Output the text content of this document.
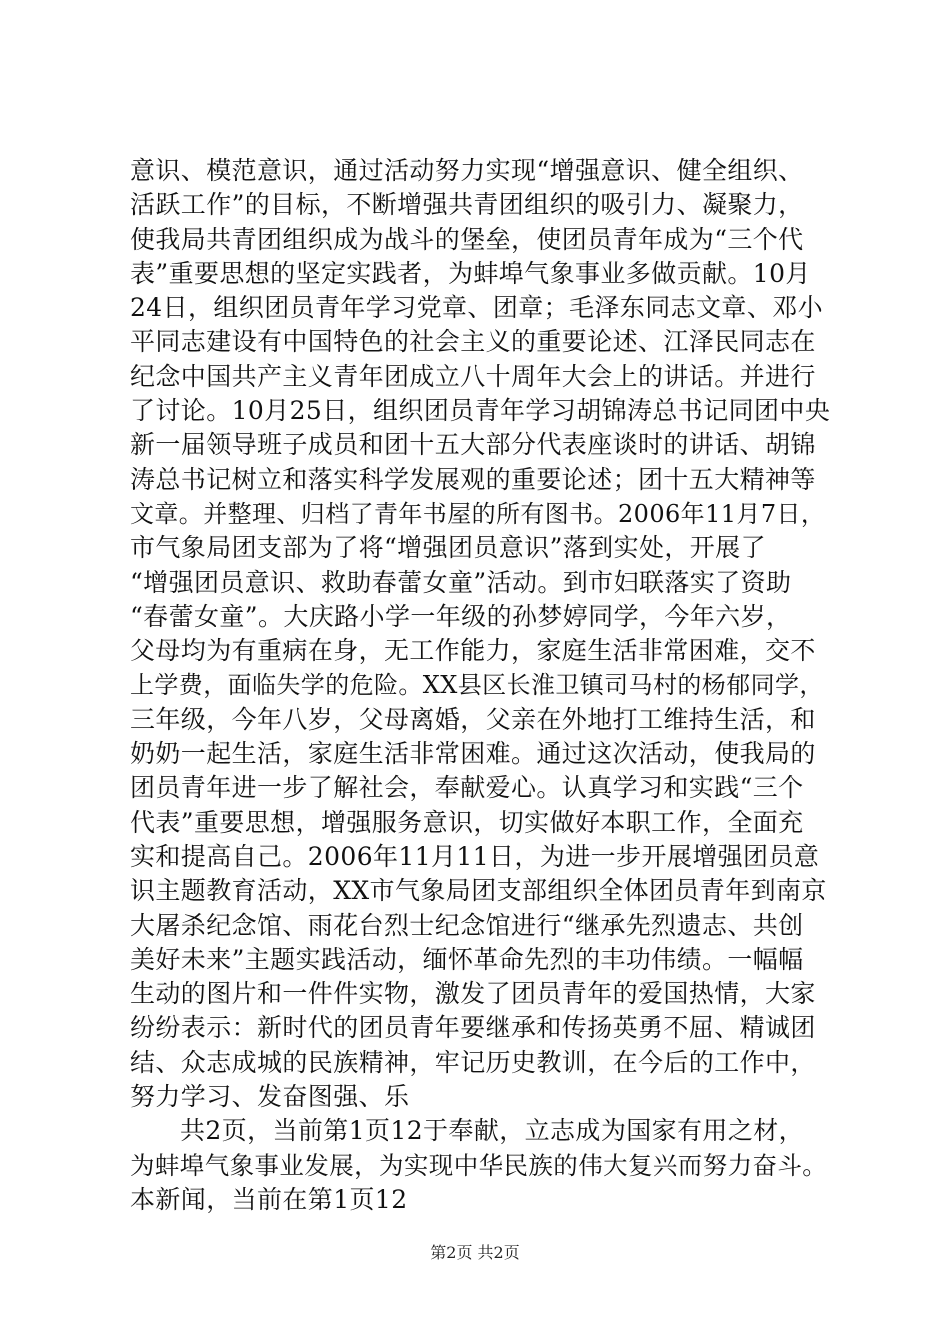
意识、模范意识，通过活动努力实现“增强意识、健全组织、
活跃工作”的目标，不断增强共青团组织的吸引力、凝聚力，
使我局共青团组织成为战斗的堡垒，使团员青年成为“三个代
表”重要思想的坚定实践者，为蚌埠气象事业多做贡献。10月
24日，组织团员青年学习党章、团章；毛泽东同志文章、邓小
平同志建设有中国特色的社会主义的重要论述、江泽民同志在
纪念中国共产主义青年团成立八十周年大会上的讲话。并进行
了讨论。10月25日，组织团员青年学习胡锦涛总书记同团中央
新一届领导班子成员和团十五大部分代表座谈时的讲话、胡锦
涛总书记树立和落实科学发展观的重要论述；团十五大精神等
文章。并整理、归档了青年书屋的所有图书。2006年11月7日，
市气象局团支部为了将“增强团员意识”落到实处，开展了
“增强团员意识、救助春蕾女童”活动。到市妇联落实了资助
“春蕾女童”。大庆路小学一年级的孙梦婷同学，今年六岁，
父母均为有重病在身，无工作能力，家庭生活非常困难，交不
上学费，面临失学的危险。XX县区长淮卫镇司马村的杨郁同学，
三年级，今年八岁，父母离婚，父亲在外地打工维持生活，和
奶奶一起生活，家庭生活非常困难。通过这次活动，使我局的
团员青年进一步了解社会，奉献爱心。认真学习和实践“三个
代表”重要思想，增强服务意识，切实做好本职工作，全面充
实和提高自己。2006年11月11日，为进一步开展增强团员意
识主题教育活动，XX市气象局团支部组织全体团员青年到南京
大屠杀纪念馆、雨花台烈士纪念馆进行“继承先烈遗志、共创
美好未来”主题实践活动，缅怀革命先烈的丰功伟绩。一幅幅
生动的图片和一件件实物，激发了团员青年的爱国热情，大家
纷纷表示：新时代的团员青年要继承和传扬英勇不屈、精诚团
结、众志成城的民族精神，牢记历史教训，在今后的工作中，
努力学习、发奋图强、乐
共2页，当前第1页12于奉献，立志成为国家有用之材，
为蚌埠气象事业发展，为实现中华民族的伟大复兴而努力奋斗。
本新闻，当前在第1页12
第2页 共2页
